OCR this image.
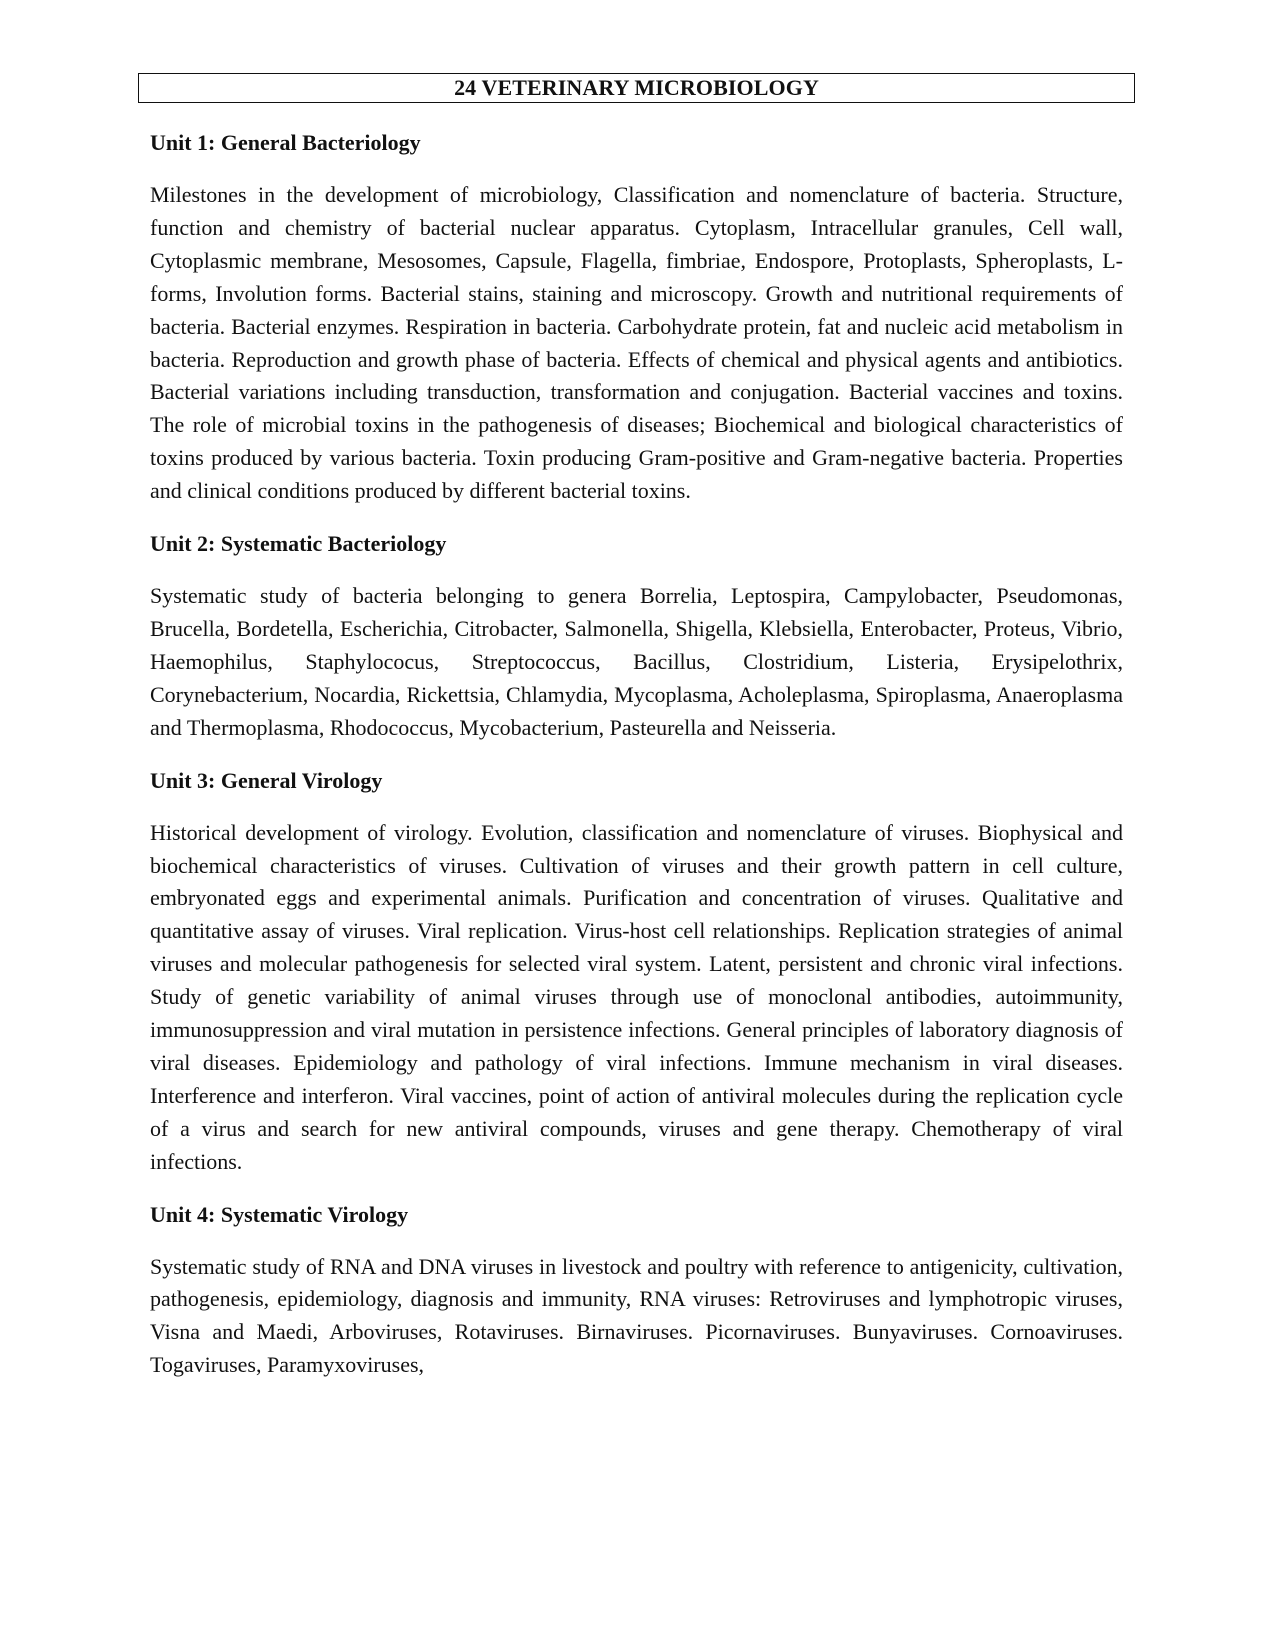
24 VETERINARY MICROBIOLOGY
Unit 1: General Bacteriology

Milestones in the development of microbiology, Classification and nomenclature of bacteria. Structure, function and chemistry of bacterial nuclear apparatus. Cytoplasm, Intracellular granules, Cell wall, Cytoplasmic membrane, Mesosomes, Capsule, Flagella, fimbriae, Endospore, Protoplasts, Spheroplasts, L-forms, Involution forms. Bacterial stains, staining and microscopy. Growth and nutritional requirements of bacteria. Bacterial enzymes. Respiration in bacteria. Carbohydrate protein, fat and nucleic acid metabolism in bacteria. Reproduction and growth phase of bacteria. Effects of chemical and physical agents and antibiotics. Bacterial variations including transduction, transformation and conjugation. Bacterial vaccines and toxins. The role of microbial toxins in the pathogenesis of diseases; Biochemical and biological characteristics of toxins produced by various bacteria. Toxin producing Gram-positive and Gram-negative bacteria. Properties and clinical conditions produced by different bacterial toxins.

Unit 2: Systematic Bacteriology

Systematic study of bacteria belonging to genera Borrelia, Leptospira, Campylobacter, Pseudomonas, Brucella, Bordetella, Escherichia, Citrobacter, Salmonella, Shigella, Klebsiella, Enterobacter, Proteus, Vibrio, Haemophilus, Staphylococus, Streptococcus, Bacillus, Clostridium, Listeria, Erysipelothrix, Corynebacterium, Nocardia, Rickettsia, Chlamydia, Mycoplasma, Acholeplasma, Spiroplasma, Anaeroplasma and Thermoplasma, Rhodococcus, Mycobacterium, Pasteurella and Neisseria.

Unit 3: General Virology

Historical development of virology. Evolution, classification and nomenclature of viruses. Biophysical and biochemical characteristics of viruses. Cultivation of viruses and their growth pattern in cell culture, embryonated eggs and experimental animals. Purification and concentration of viruses. Qualitative and quantitative assay of viruses. Viral replication. Virus-host cell relationships. Replication strategies of animal viruses and molecular pathogenesis for selected viral system. Latent, persistent and chronic viral infections. Study of genetic variability of animal viruses through use of monoclonal antibodies, autoimmunity, immunosuppression and viral mutation in persistence infections. General principles of laboratory diagnosis of viral diseases. Epidemiology and pathology of viral infections. Immune mechanism in viral diseases. Interference and interferon. Viral vaccines, point of action of antiviral molecules during the replication cycle of a virus and search for new antiviral compounds, viruses and gene therapy. Chemotherapy of viral infections.

Unit 4: Systematic Virology

Systematic study of RNA and DNA viruses in livestock and poultry with reference to antigenicity, cultivation, pathogenesis, epidemiology, diagnosis and immunity, RNA viruses: Retroviruses and lymphotropic viruses, Visna and Maedi, Arboviruses, Rotaviruses. Birnaviruses. Picornaviruses. Bunyaviruses. Cornoaviruses. Togaviruses, Paramyxoviruses,
